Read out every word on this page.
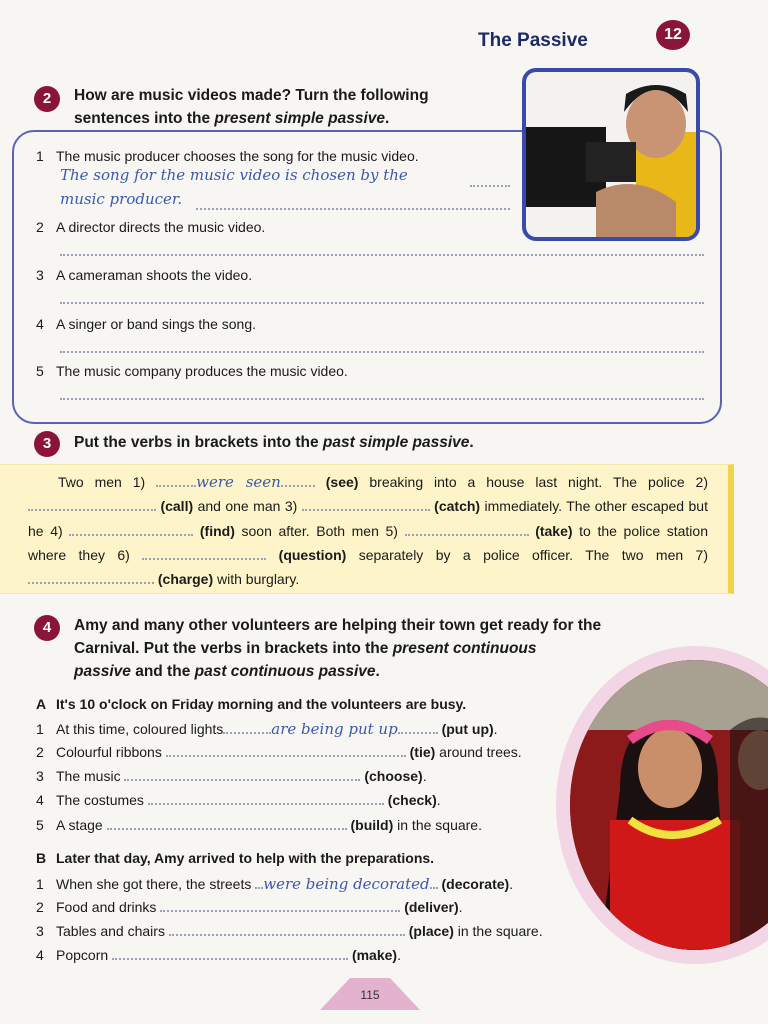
The Passive	12
2	How are music videos made? Turn the following
sentences into the present simple passive.
1 The music producer chooses the song for the music video.
The song for the music video is chosen by the
music producer.
2 A director directs the music video.
3 A cameraman shoots the video.
4 A singer or band sings the song.
5 The music company produces the music video.
3	Put the verbs in brackets into the past simple passive.
Two men 1)	were seen (see) breaking into a house last night. The police 2)  (call) and one man 3)	(catch) immediately. The other escaped but he 4)	(find) soon after. Both men 5)	(take) to the police station where they 6)	(question) separately by a police officer. The two men 7)  (charge) with burglary.
4	Amy and many other volunteers are helping their town get ready for the
Carnival. Put the verbs in brackets into the present continuous
passive and the past continuous passive.
A It's 10 o'clock on Friday morning and the volunteers are busy.
1 At this time, coloured lights	are being put up	(put up).
2 Colourful ribbons	(tie) around trees.
3 The music	(choose).
4 The costumes	(check).
5 A stage	(build) in the square.
B Later that day, Amy arrived to help with the preparations.
1 When she got there, the streets were being decorated (decorate).
2 Food and drinks	(deliver).
3 Tables and chairs	(place) in the square.
4 Popcorn	(make).
115
